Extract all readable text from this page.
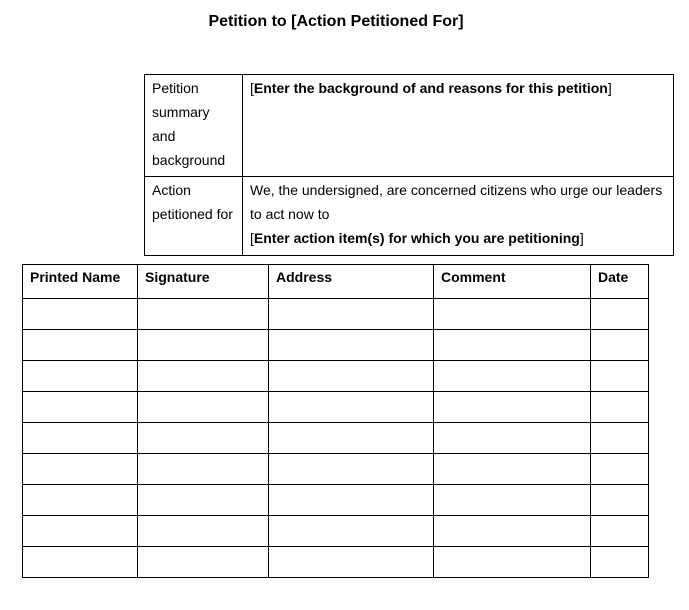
Petition to [Action Petitioned For]
Petition summary and background	[Enter the background of and reasons for this petition]
Action petitioned for	We, the undersigned, are concerned citizens who urge our leaders to act now to
[Enter action item(s) for which you are petitioning]
Printed Name	Signature	Address	Comment	Date
